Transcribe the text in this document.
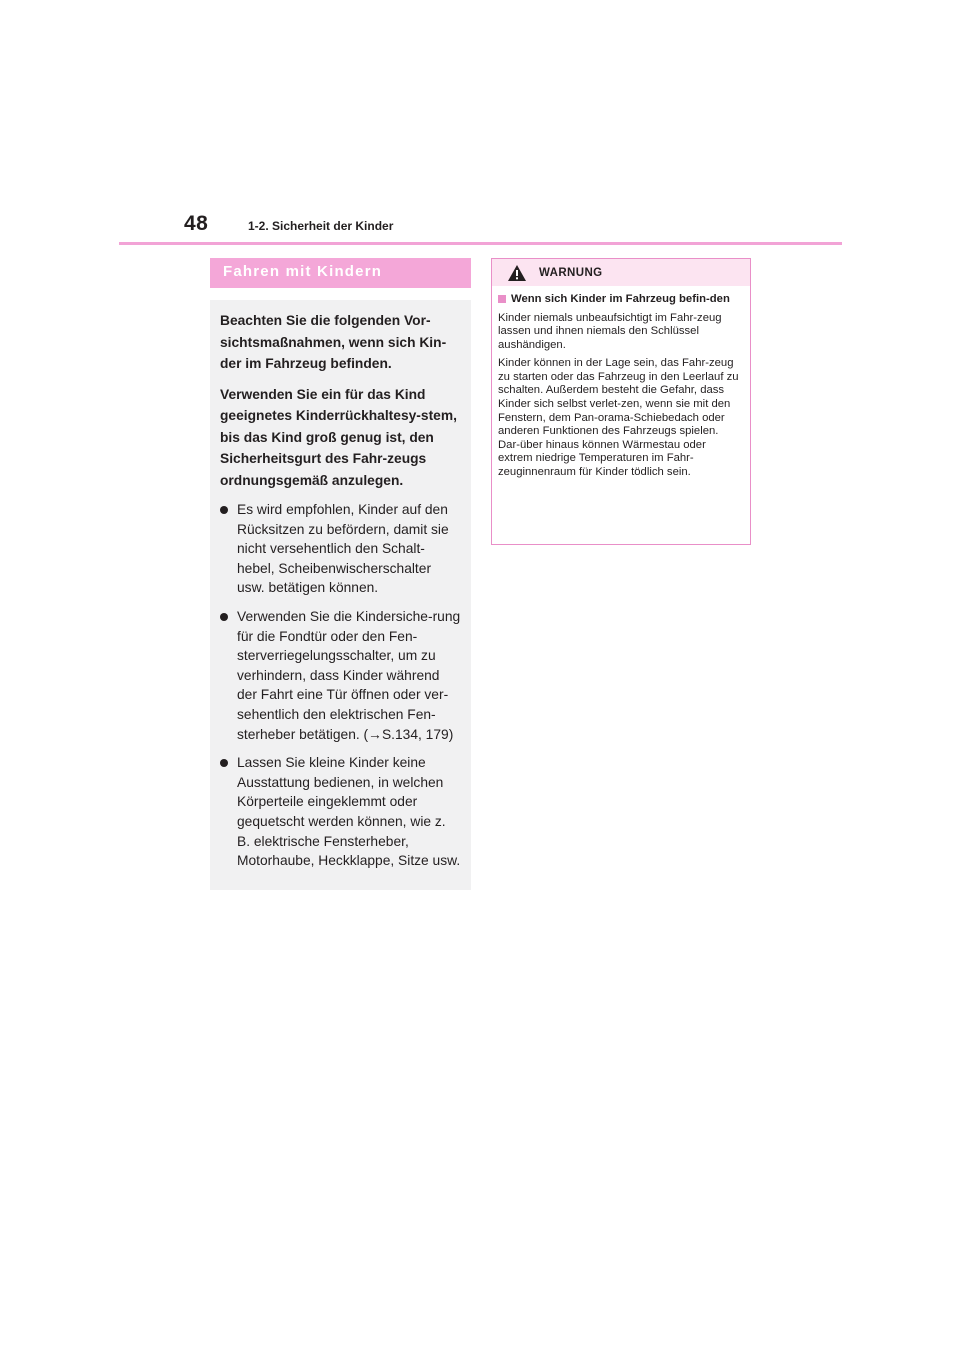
48	1-2. Sicherheit der Kinder
Fahren mit Kindern

Beachten Sie die folgenden Vor-sichtsmaßnahmen, wenn sich Kin-der im Fahrzeug befinden.

Verwenden Sie ein für das Kind geeignetes Kinderrückhaltesy-stem, bis das Kind groß genug ist, den Sicherheitsgurt des Fahr-zeugs ordnungsgemäß anzulegen.

Es wird empfohlen, Kinder auf den Rücksitzen zu befördern, damit sie nicht versehentlich den Schalt-hebel, Scheibenwischerschalter usw. betätigen können.
Verwenden Sie die Kindersiche-rung für die Fondtür oder den Fen-sterverriegelungsschalter, um zu verhindern, dass Kinder während der Fahrt eine Tür öffnen oder ver-sehentlich den elektrischen Fen-sterheber betätigen. (→S.134, 179)
Lassen Sie kleine Kinder keine Ausstattung bedienen, in welchen Körperteile eingeklemmt oder gequetscht werden können, wie z. B. elektrische Fensterheber, Motorhaube, Heckklappe, Sitze usw.
WARNUNG
Wenn sich Kinder im Fahrzeug befin-den

Kinder niemals unbeaufsichtigt im Fahr-zeug lassen und ihnen niemals den Schlüssel aushändigen.

Kinder können in der Lage sein, das Fahr-zeug zu starten oder das Fahrzeug in den Leerlauf zu schalten. Außerdem besteht die Gefahr, dass Kinder sich selbst verlet-zen, wenn sie mit den Fenstern, dem Pan-orama-Schiebedach oder anderen Funktionen des Fahrzeugs spielen. Dar-über hinaus können Wärmestau oder extrem niedrige Temperaturen im Fahr-zeuginnenraum für Kinder tödlich sein.
